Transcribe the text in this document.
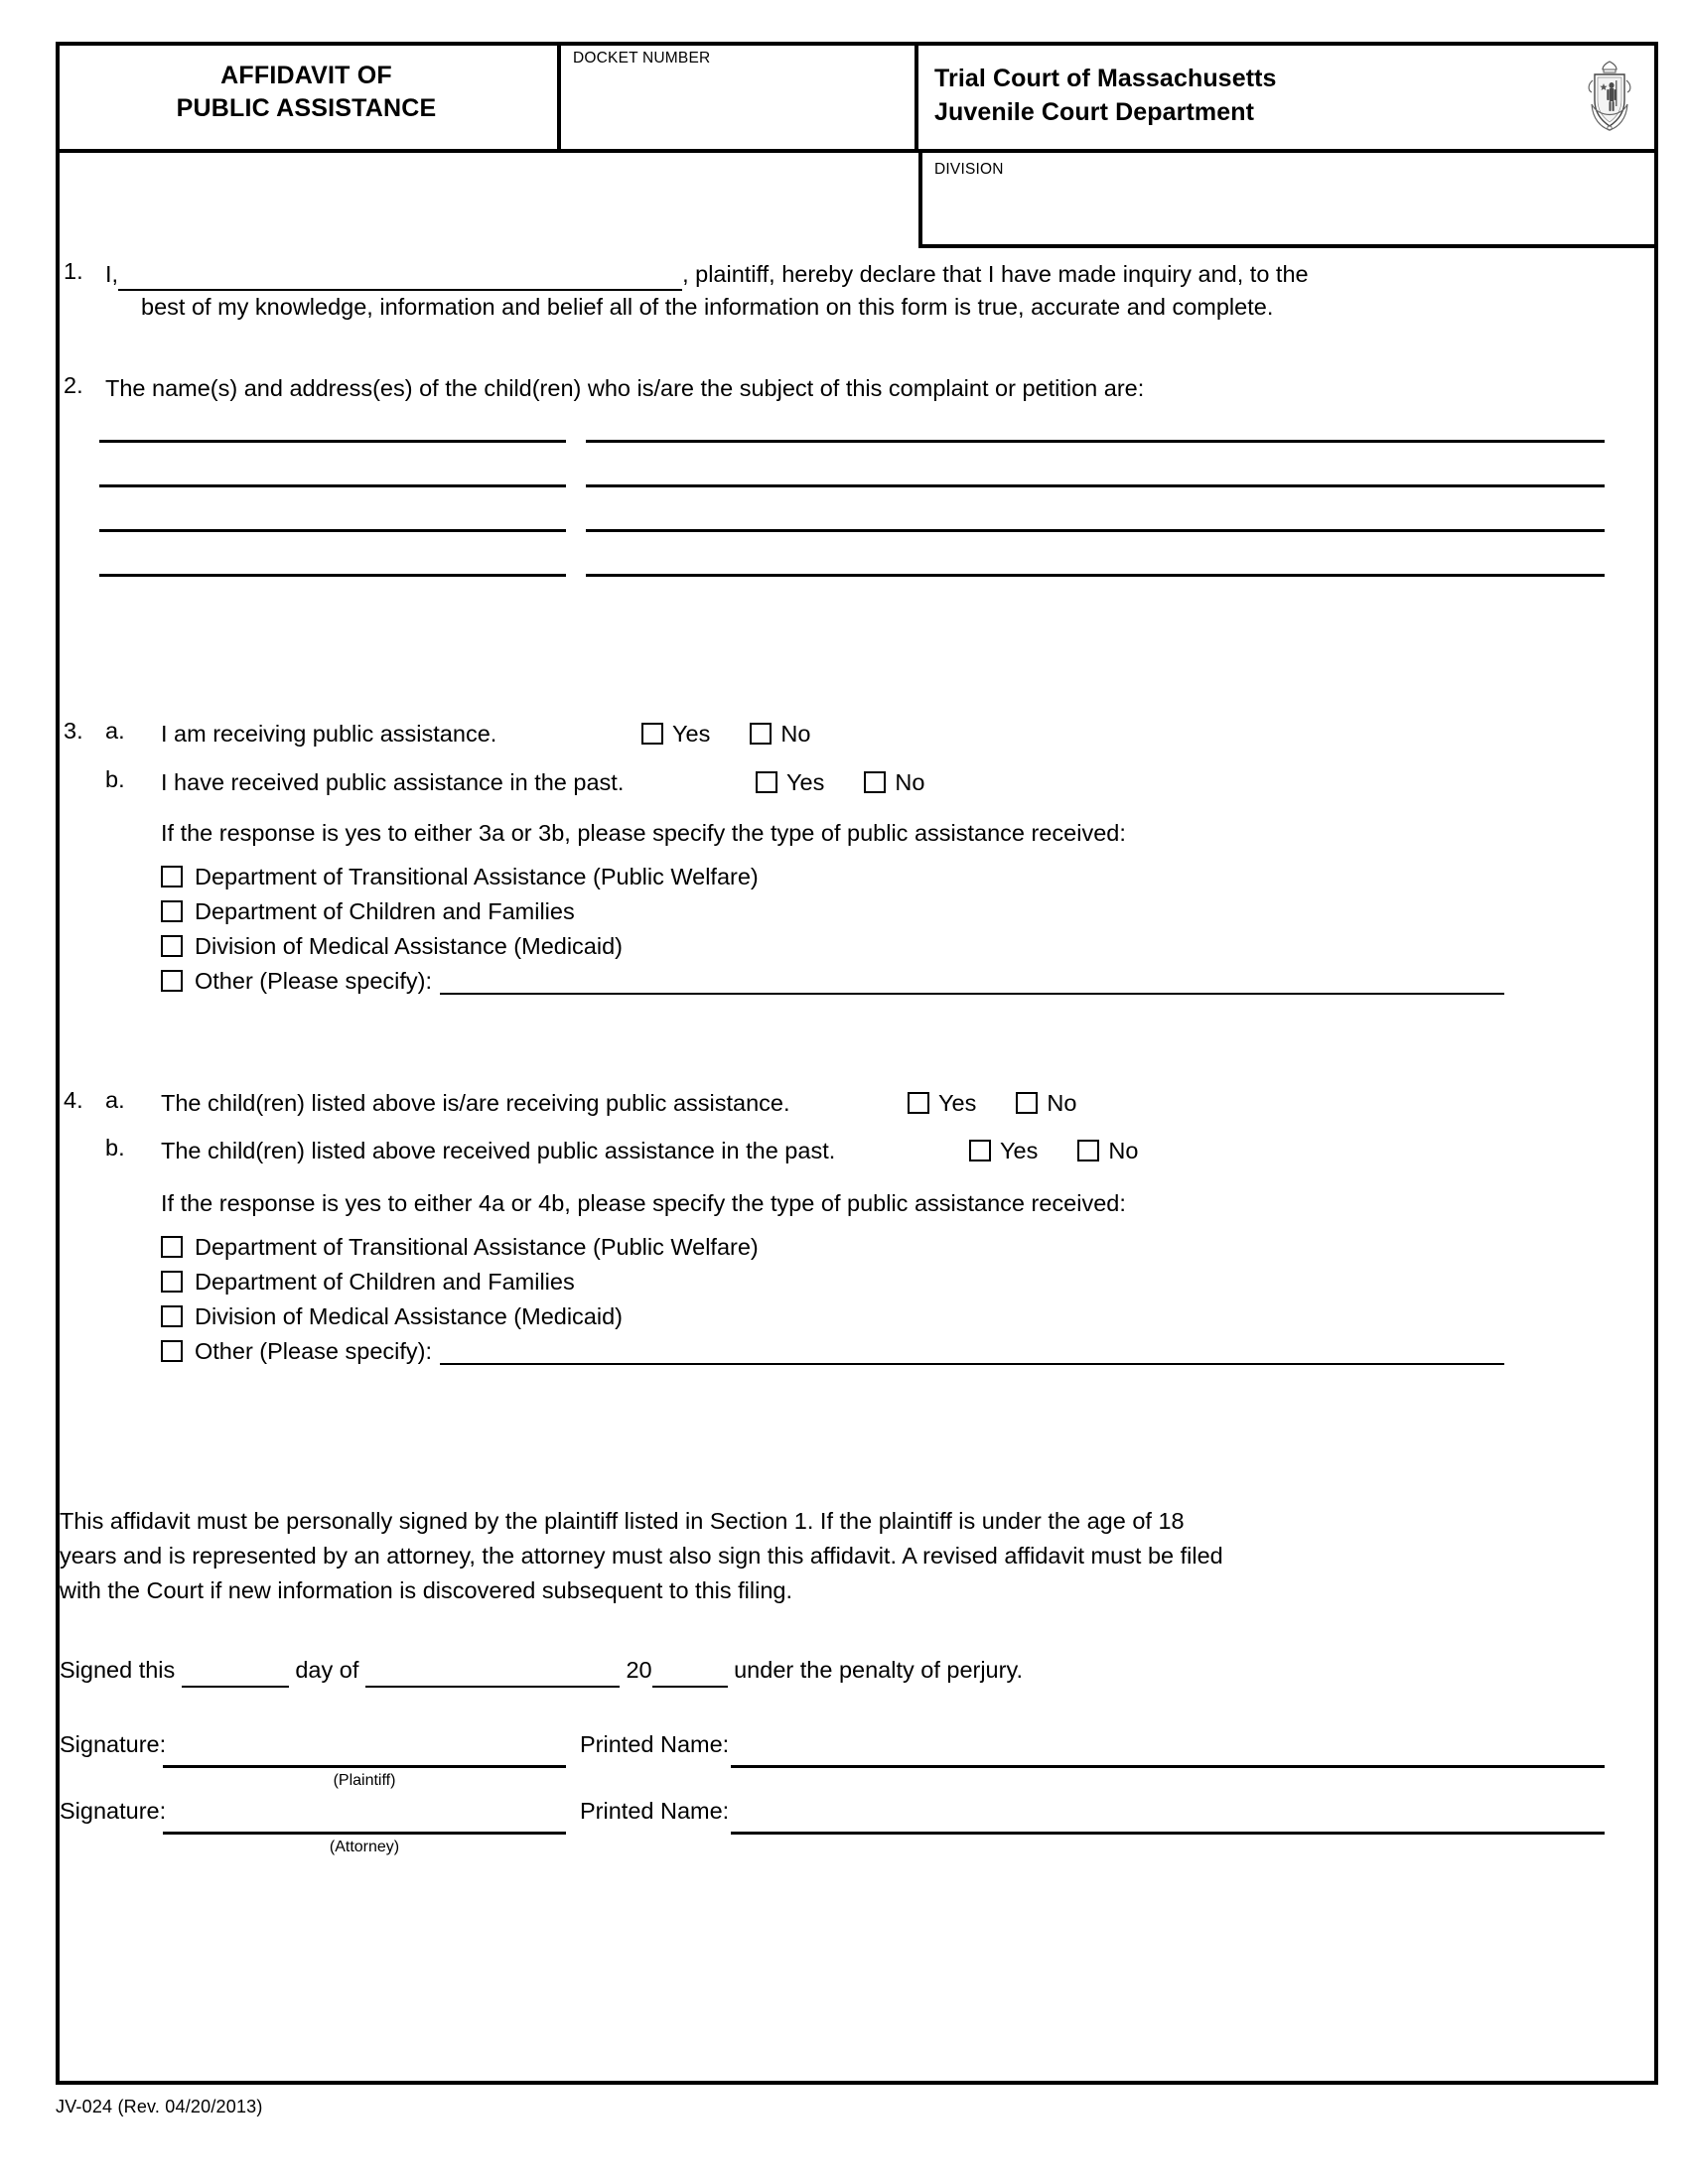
AFFIDAVIT OF
PUBLIC ASSISTANCE
DOCKET NUMBER
Trial Court of Massachusetts
Juvenile Court Department
DIVISION
1. I,	, plaintiff, hereby declare that I have made inquiry and, to the
best of my knowledge, information and belief all of the information on this form is true, accurate and complete.
2. The name(s) and address(es) of the child(ren) who is/are the subject of this complaint or petition are:
3. a.	I am receiving public assistance.	Yes	No
b.	I have received public assistance in the past.	Yes	No
If the response is yes to either 3a or 3b, please specify the type of public assistance received:
Department of Transitional Assistance (Public Welfare)
Department of Children and Families
Division of Medical Assistance (Medicaid)
Other (Please specify):
4. a.	The child(ren) listed above is/are receiving public assistance.	Yes	No
b.	The child(ren) listed above received public assistance in the past.	Yes	No
If the response is yes to either 4a or 4b, please specify the type of public assistance received:
Department of Transitional Assistance (Public Welfare)
Department of Children and Families
Division of Medical Assistance (Medicaid)
Other (Please specify):
This affidavit must be personally signed by the plaintiff listed in Section 1. If the plaintiff is under the age of 18
years and is represented by an attorney, the attorney must also sign this affidavit. A revised affidavit must be filed
with the Court if new information is discovered subsequent to this filing.
Signed this	day of	20	under the penalty of perjury.
Signature:
(Plaintiff)
Printed Name:
Signature:
(Attorney)
Printed Name:
JV-024 (Rev. 04/20/2013)
